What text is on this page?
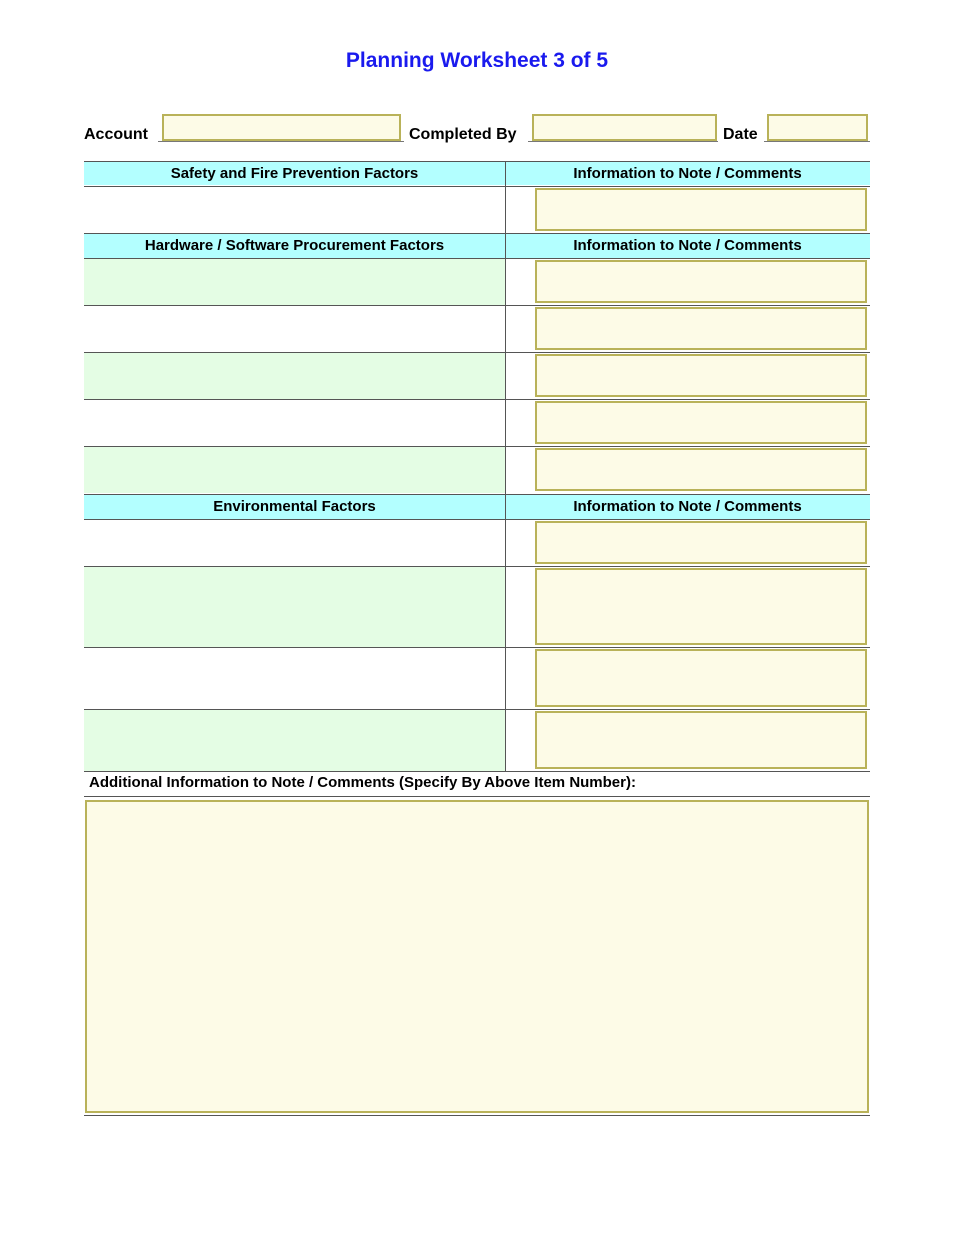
Planning Worksheet 3 of 5
Account	Completed By	Date
Safety and Fire Prevention Factors	Information to Note / Comments
Hardware / Software Procurement Factors	Information to Note / Comments
Environmental Factors	Information to Note / Comments
Additional Information to Note / Comments (Specify By Above Item Number):
